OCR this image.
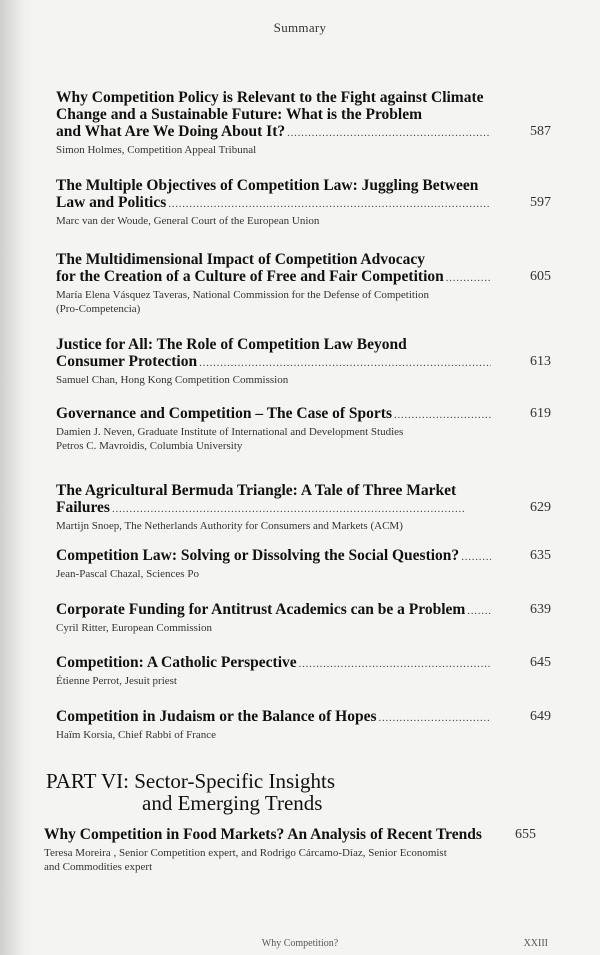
Summary
Why Competition Policy is Relevant to the Fight against Climate
Change and a Sustainable Future: What is the Problem
and What Are We Doing About It? . . .	587
Simon Holmes, Competition Appeal Tribunal
The Multiple Objectives of Competition Law: Juggling Between
Law and Politics . . .	597
Marc van der Woude, General Court of the European Union
The Multidimensional Impact of Competition Advocacy
for the Creation of a Culture of Free and Fair Competition . . .	605
María Elena Vásquez Taveras, National Commission for the Defense of Competition
(Pro-Competencia)
Justice for All: The Role of Competition Law Beyond
Consumer Protection . . .	613
Samuel Chan, Hong Kong Competition Commission
Governance and Competition – The Case of Sports . . .	619
Damien J. Neven, Graduate Institute of International and Development Studies
Petros C. Mavroidis, Columbia University
The Agricultural Bermuda Triangle: A Tale of Three Market
Failures . . .	629
Martijn Snoep, The Netherlands Authority for Consumers and Markets (ACM)
Competition Law: Solving or Dissolving the Social Question? . . .	635
Jean-Pascal Chazal, Sciences Po
Corporate Funding for Antitrust Academics can be a Problem . . .	639
Cyril Ritter, European Commission
Competition: A Catholic Perspective . . .	645
Étienne Perrot, Jesuit priest
Competition in Judaism or the Balance of Hopes . . .	649
Haïm Korsia, Chief Rabbi of France
PART VI: Sector-Specific Insights
and Emerging Trends
Why Competition in Food Markets? An Analysis of Recent Trends 655
Teresa Moreira , Senior Competition expert, and Rodrigo Cárcamo-Díaz, Senior Economist
and Commodities expert
Why Competition?	XXIII
